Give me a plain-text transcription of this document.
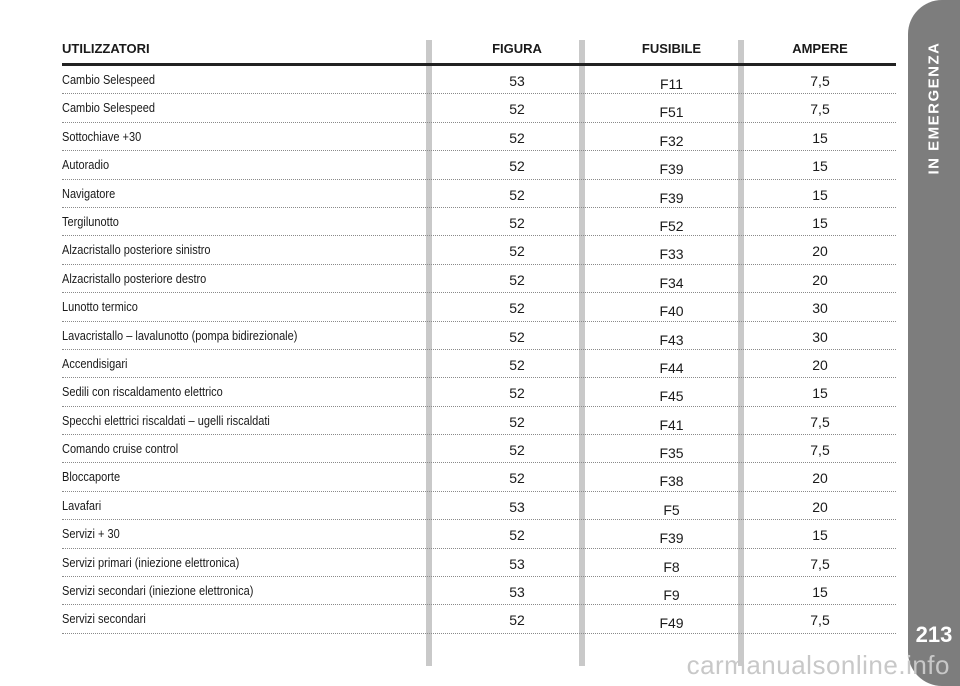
IN EMERGENZA
213
UTILIZZATORI	FIGURA	FUSIBILE	AMPERE
Cambio Selespeed	53	F11	7,5
Cambio Selespeed	52	F51	7,5
Sottochiave +30	52	F32	15
Autoradio	52	F39	15
Navigatore	52	F39	15
Tergilunotto	52	F52	15
Alzacristallo posteriore sinistro	52	F33	20
Alzacristallo posteriore destro	52	F34	20
Lunotto termico	52	F40	30
Lavacristallo – lavalunotto (pompa bidirezionale)	52	F43	30
Accendisigari	52	F44	20
Sedili con riscaldamento elettrico	52	F45	15
Specchi elettrici riscaldati – ugelli riscaldati	52	F41	7,5
Comando cruise control	52	F35	7,5
Bloccaporte	52	F38	20
Lavafari	53	F5	20
Servizi + 30	52	F39	15
Servizi primari (iniezione elettronica)	53	F8	7,5
Servizi secondari (iniezione elettronica)	53	F9	15
Servizi secondari	52	F49	7,5
carmanualsonline.info
